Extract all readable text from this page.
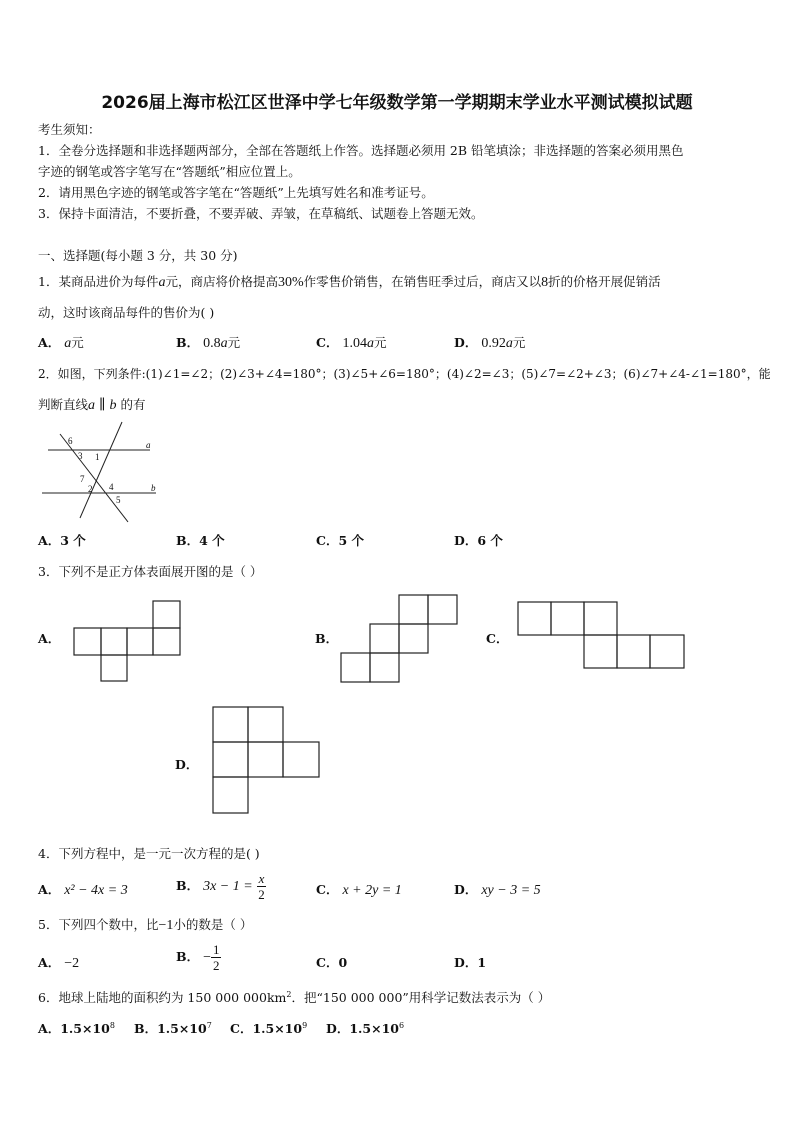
2026届上海市松江区世泽中学七年级数学第一学期期末学业水平测试模拟试题
考生须知：
1．全卷分选择题和非选择题两部分，全部在答题纸上作答。选择题必须用 2B 铅笔填涂；非选择题的答案必须用黑色
字迹的钢笔或答字笔写在“答题纸”相应位置上。
2．请用黑色字迹的钢笔或答字笔在“答题纸”上先填写姓名和准考证号。
3．保持卡面清洁，不要折叠，不要弄破、弄皱，在草稿纸、试题卷上答题无效。
一、选择题(每小题 3 分，共 30 分)
1．某商品进价为每件a元，商店将价格提高30%作零售价销售，在销售旺季过后，商店又以8折的价格开展促销活
动，这时该商品每件的售价为( )
A． a元	B． 0.8a元	C． 1.04a元	D． 0.92a元
2．如图，下列条件:(1)∠1=∠2；(2)∠3+∠4=180°；(3)∠5+∠6=180°；(4)∠2=∠3；(5)∠7=∠2+∠3；(6)∠7+∠4-∠1=180°，能
判断直线a ∥ b 的有
6
3 1
a
7
2 4
5
b
A．3 个	B．4 个	C．5 个	D．6 个
3．下列不是正方体表面展开图的是（ ）
A．	B．	C．
D．
4．下列方程中，是一元一次方程的是( )
A． x² − 4x = 3	B． $3x - 1 = \frac{x}{2}$	C． x + 2y = 1	D． xy − 3 = 5
5．下列四个数中，比−1小的数是（ ）
A． −2	B． − $\frac{1}{2}$	C．0	D．1
6．地球上陆地的面积约为 150 000 $000km^2$．把“150 000 000”用科学记数法表示为（ ）
A．$1.5\times 10^8$ B．$1.5\times 10^7$ C．$1.5\times 10^9$ D．$1.5\times 10^6$
